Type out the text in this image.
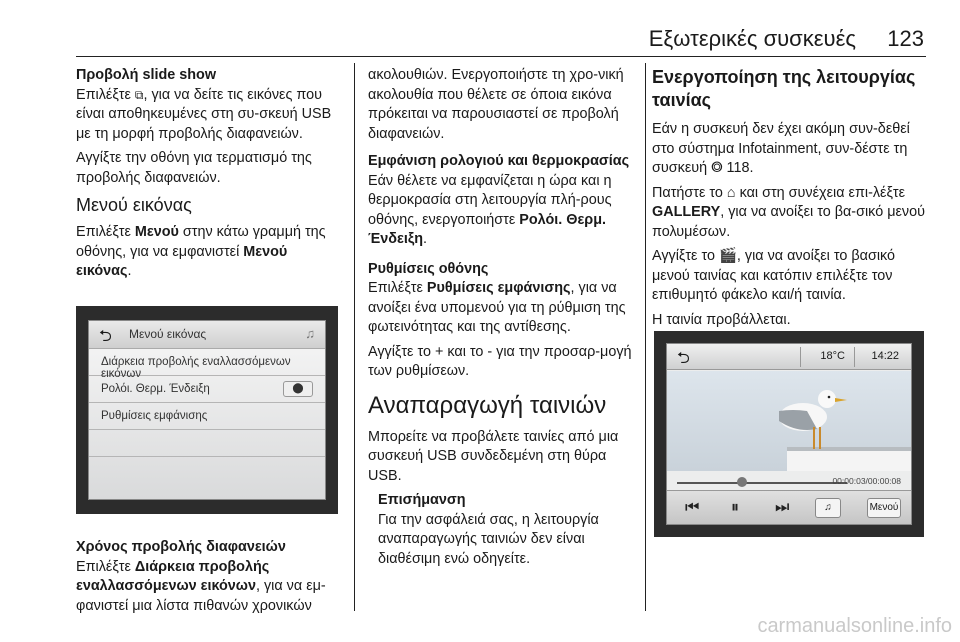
Εξωτερικές συσκευές 123

Προβολή slide show

Επιλέξτε ⧉, για να δείτε τις εικόνες που είναι αποθηκευμένες στη συ-σκευή USB με τη μορφή προβολής διαφανειών.

Αγγίξτε την οθόνη για τερματισμό της προβολής διαφανειών.

Μενού εικόνας

Επιλέξτε Μενού στην κάτω γραμμή της οθόνης, για να εμφανιστεί Μενού εικόνας.

⮌ Μενού εικόνας	♫
Διάρκεια προβολής εναλλασσόμενων εικόνων
Ρολόι. Θερμ. Ένδειξη	⬤
Ρυθμίσεις εμφάνισης

Χρόνος προβολής διαφανειών

Επιλέξτε Διάρκεια προβολής εναλλασσόμενων εικόνων, για να εμ-φανιστεί μια λίστα πιθανών χρονικών

ακολουθιών. Ενεργοποιήστε τη χρο-νική ακολουθία που θέλετε σε όποια εικόνα πρόκειται να παρουσιαστεί σε προβολή διαφανειών.

Εμφάνιση ρολογιού και θερμοκρασίας

Εάν θέλετε να εμφανίζεται η ώρα και η θερμοκρασία στη λειτουργία πλή-ρους οθόνης, ενεργοποιήστε Ρολόι. Θερμ. Ένδειξη.

Ρυθμίσεις οθόνης

Επιλέξτε Ρυθμίσεις εμφάνισης, για να ανοίξει ένα υπομενού για τη ρύθμιση της φωτεινότητας και της αντίθεσης.

Αγγίξτε το + και το - για την προσαρ-μογή των ρυθμίσεων.

Αναπαραγωγή ταινιών

Μπορείτε να προβάλετε ταινίες από μια συσκευή USB συνδεδεμένη στη θύρα USB.

Επισήμανση

Για την ασφάλειά σας, η λειτουργία αναπαραγωγής ταινιών δεν είναι διαθέσιμη ενώ οδηγείτε.

Ενεργοποίηση της λειτουργίας ταινίας

Εάν η συσκευή δεν έχει ακόμη συν-δεθεί στο σύστημα Infotainment, συν-δέστε τη συσκευή ⭗ 118.

Πατήστε το ⌂ και στη συνέχεια επι-λέξτε GALLERY, για να ανοίξει το βα-σικό μενού πολυμέσων.

Αγγίξτε το 🎬, για να ανοίξει το βασικό μενού ταινίας και κατόπιν επιλέξτε τον επιθυμητό φάκελο και/ή ταινία.

Η ταινία προβάλλεται.

⮌	18°C 14:22
00:00:03/00:00:08
⏮ ⏸ ⏭	♫	Μενού
carmanualsonline.info
